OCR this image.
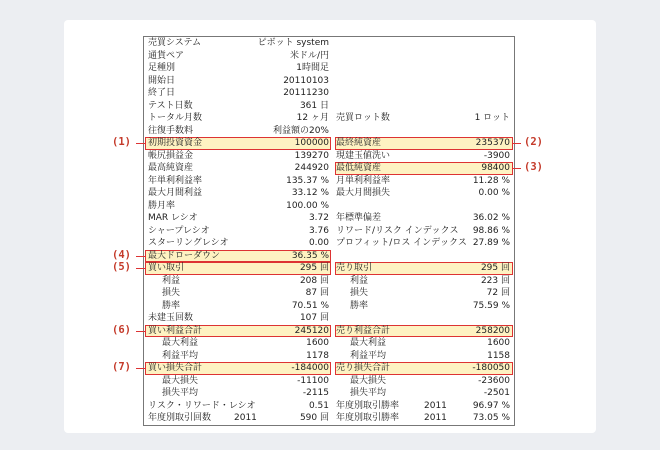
売買システム	ピボット system
通貨ペア	米ドル/円
足種別	1時間足
開始日	20110103
終了日	20111230
テスト日数	361 日
トータル月数	12 ヶ月 売買ロット数	1 ロット
往復手数料	利益額の20%
初期投資資金	100000 最終純資産	235370
帳尻損益金	139270 現建玉値洗い	-3900
最高純資産	244920 最低純資産	98400
年単利利益率	135.37 % 月単利利益率	11.28 %
最大月間利益	33.12 % 最大月間損失	0.00 %
勝月率	100.00 %
MAR レシオ	3.72 年標準偏差	36.02 %
シャープレシオ	3.76 リワード/リスク インデックス 98.86 %
スターリングレシオ	0.00 プロフィット/ロス インデックス 27.89 %
最大ドローダウン	36.35 %
買い取引	295 回 売り取引	295 回
利益	208 回 利益	223 回
損失	87 回 損失	72 回
勝率	70.51 % 勝率	75.59 %
未建玉回数	107 回
買い利益合計	245120 売り利益合計	258200
最大利益	1600 最大利益	1600
利益平均	1178 利益平均	1158
買い損失合計	-184000 売り損失合計	-180050
最大損失	-11100 最大損失	-23600
損失平均	-2115 損失平均	-2501
リスク・リワード・レシオ	0.51 年度別取引勝率	2011	96.97 %
年度別取引回数	2011	590 回 年度別取引勝率	2011	73.05 %
(1)	(2)
(3)
(4)
(5)
(6)
(7)
